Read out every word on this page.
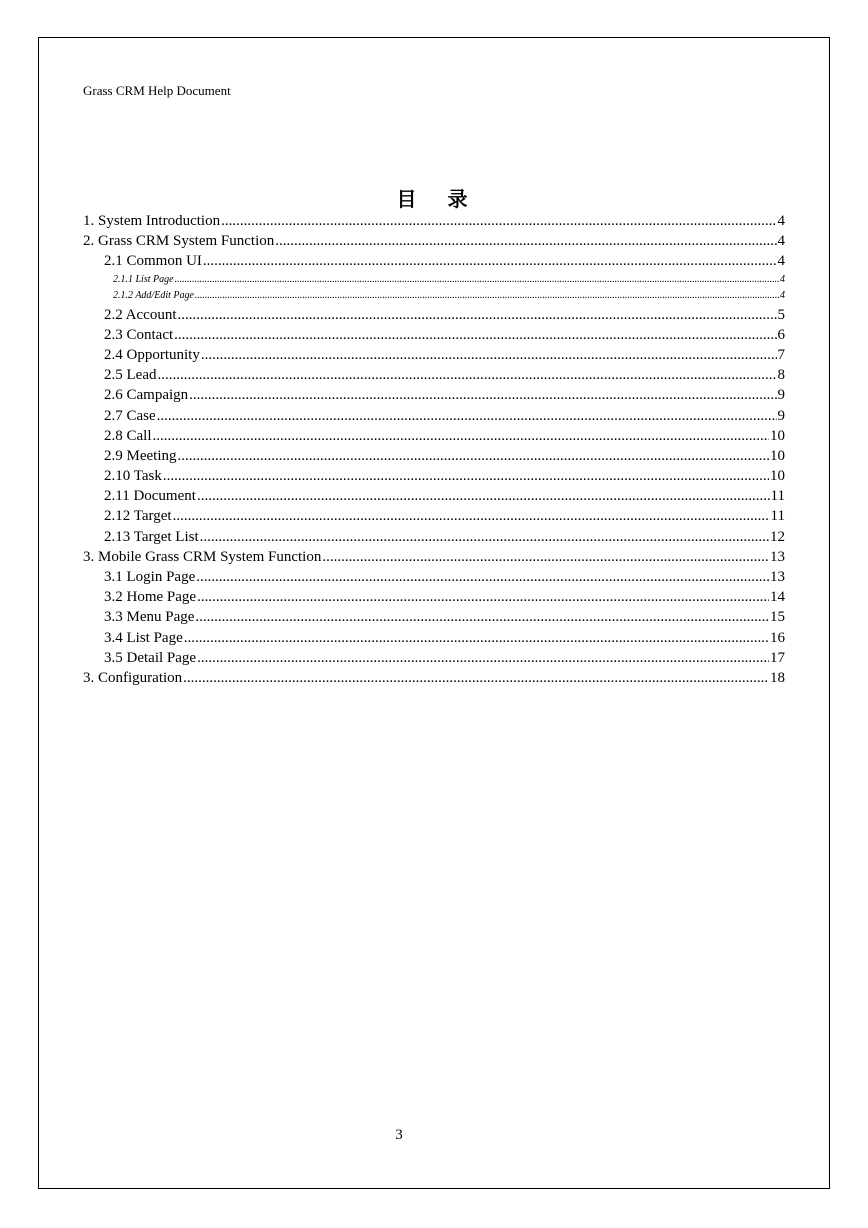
Grass CRM Help Document
目 录
1. System Introduction .....	4
2. Grass CRM System Function .....	4
2.1 Common UI .....	4
2.1.1 List Page .....	4
2.1.2 Add/Edit Page .....	4
2.2 Account .....	5
2.3 Contact .....	6
2.4 Opportunity .....	7
2.5 Lead .....	8
2.6 Campaign .....	9
2.7 Case .....	9
2.8 Call .....	10
2.9 Meeting .....	10
2.10 Task .....	10
2.11 Document .....	11
2.12 Target .....	11
2.13 Target List .....	12
3. Mobile Grass CRM System Function .....	13
3.1 Login Page .....	13
3.2 Home Page .....	14
3.3 Menu Page .....	15
3.4 List Page .....	16
3.5 Detail Page .....	17
3. Configuration .....	18
3
